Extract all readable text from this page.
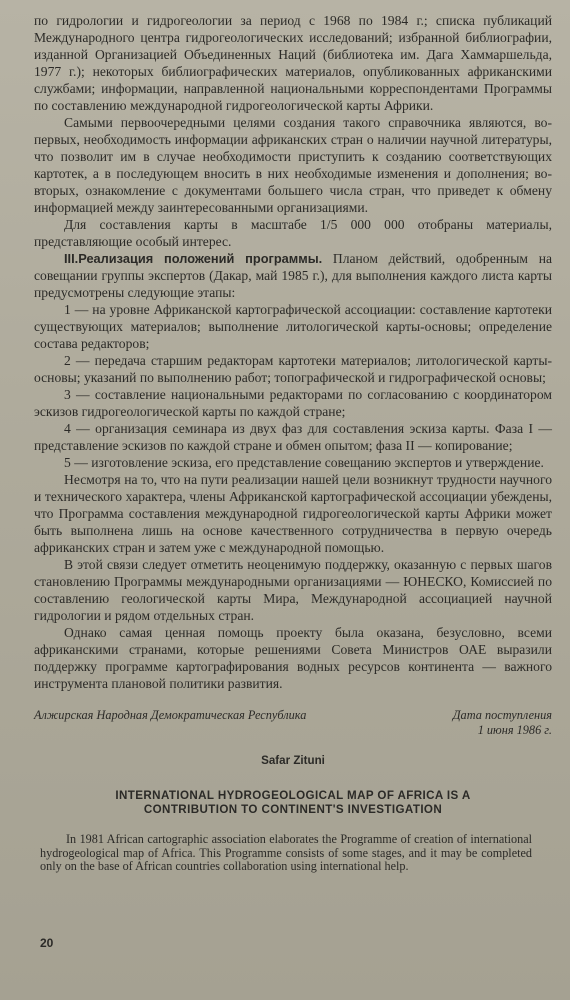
по гидрологии и гидрогеологии за период с 1968 по 1984 г.; списка публикаций Международного центра гидрогеологических исследований; избранной библиографии, изданной Организацией Объединенных Наций (библиотека им. Дага Хаммаршельда, 1977 г.); некоторых библиографических материалов, опубликованных африканскими службами; информации, направленной национальными корреспондентами Программы по составлению международной гидрогеологической карты Африки.

Самыми первоочередными целями создания такого справочника являются, во-первых, необходимость информации африканских стран о наличии научной литературы, что позволит им в случае необходимости приступить к созданию соответствующих картотек, а в последующем вносить в них необходимые изменения и дополнения; во-вторых, ознакомление с документами большего числа стран, что приведет к обмену информацией между заинтересованными организациями.

Для составления карты в масштабе 1/5 000 000 отобраны материалы, представляющие особый интерес.

III.Реализация положений программы. Планом действий, одобренным на совещании группы экспертов (Дакар, май 1985 г.), для выполнения каждого листа карты предусмотрены следующие этапы:

1 — на уровне Африканской картографической ассоциации: составление картотеки существующих материалов; выполнение литологической карты-основы; определение состава редакторов;

2 — передача старшим редакторам картотеки материалов; литологической карты-основы; указаний по выполнению работ; топографической и гидрографической основы;

3 — составление национальными редакторами по согласованию с координатором эскизов гидрогеологической карты по каждой стране;

4 — организация семинара из двух фаз для составления эскиза карты. Фаза I — представление эскизов по каждой стране и обмен опытом; фаза II — копирование;

5 — изготовление эскиза, его представление совещанию экспертов и утверждение.

Несмотря на то, что на пути реализации нашей цели возникнут трудности научного и технического характера, члены Африканской картографической ассоциации убеждены, что Программа составления международной гидрогеологической карты Африки может быть выполнена лишь на основе качественного сотрудничества в первую очередь африканских стран и затем уже с международной помощью.

В этой связи следует отметить неоценимую поддержку, оказанную с первых шагов становлению Программы международными организациями — ЮНЕСКО, Комиссией по составлению геологической карты Мира, Международной ассоциацией научной гидрологии и рядом отдельных стран.

Однако самая ценная помощь проекту была оказана, безусловно, всеми африканскими странами, которые решениями Совета Министров ОАЕ выразили поддержку программе картографирования водных ресурсов континента — важного инструмента плановой политики развития.

Алжирская Народная Демократическая Республика	Дата поступления
1 июня 1986 г.
Safar Zituni
INTERNATIONAL HYDROGEOLOGICAL MAP OF AFRICA IS A CONTRIBUTION TO CONTINENT'S INVESTIGATION

In 1981 African cartographic association elaborates the Programme of creation of international hydrogeological map of Africa. This Programme consists of some stages, and it may be completed only on the base of African countries collaboration using international help.

20
